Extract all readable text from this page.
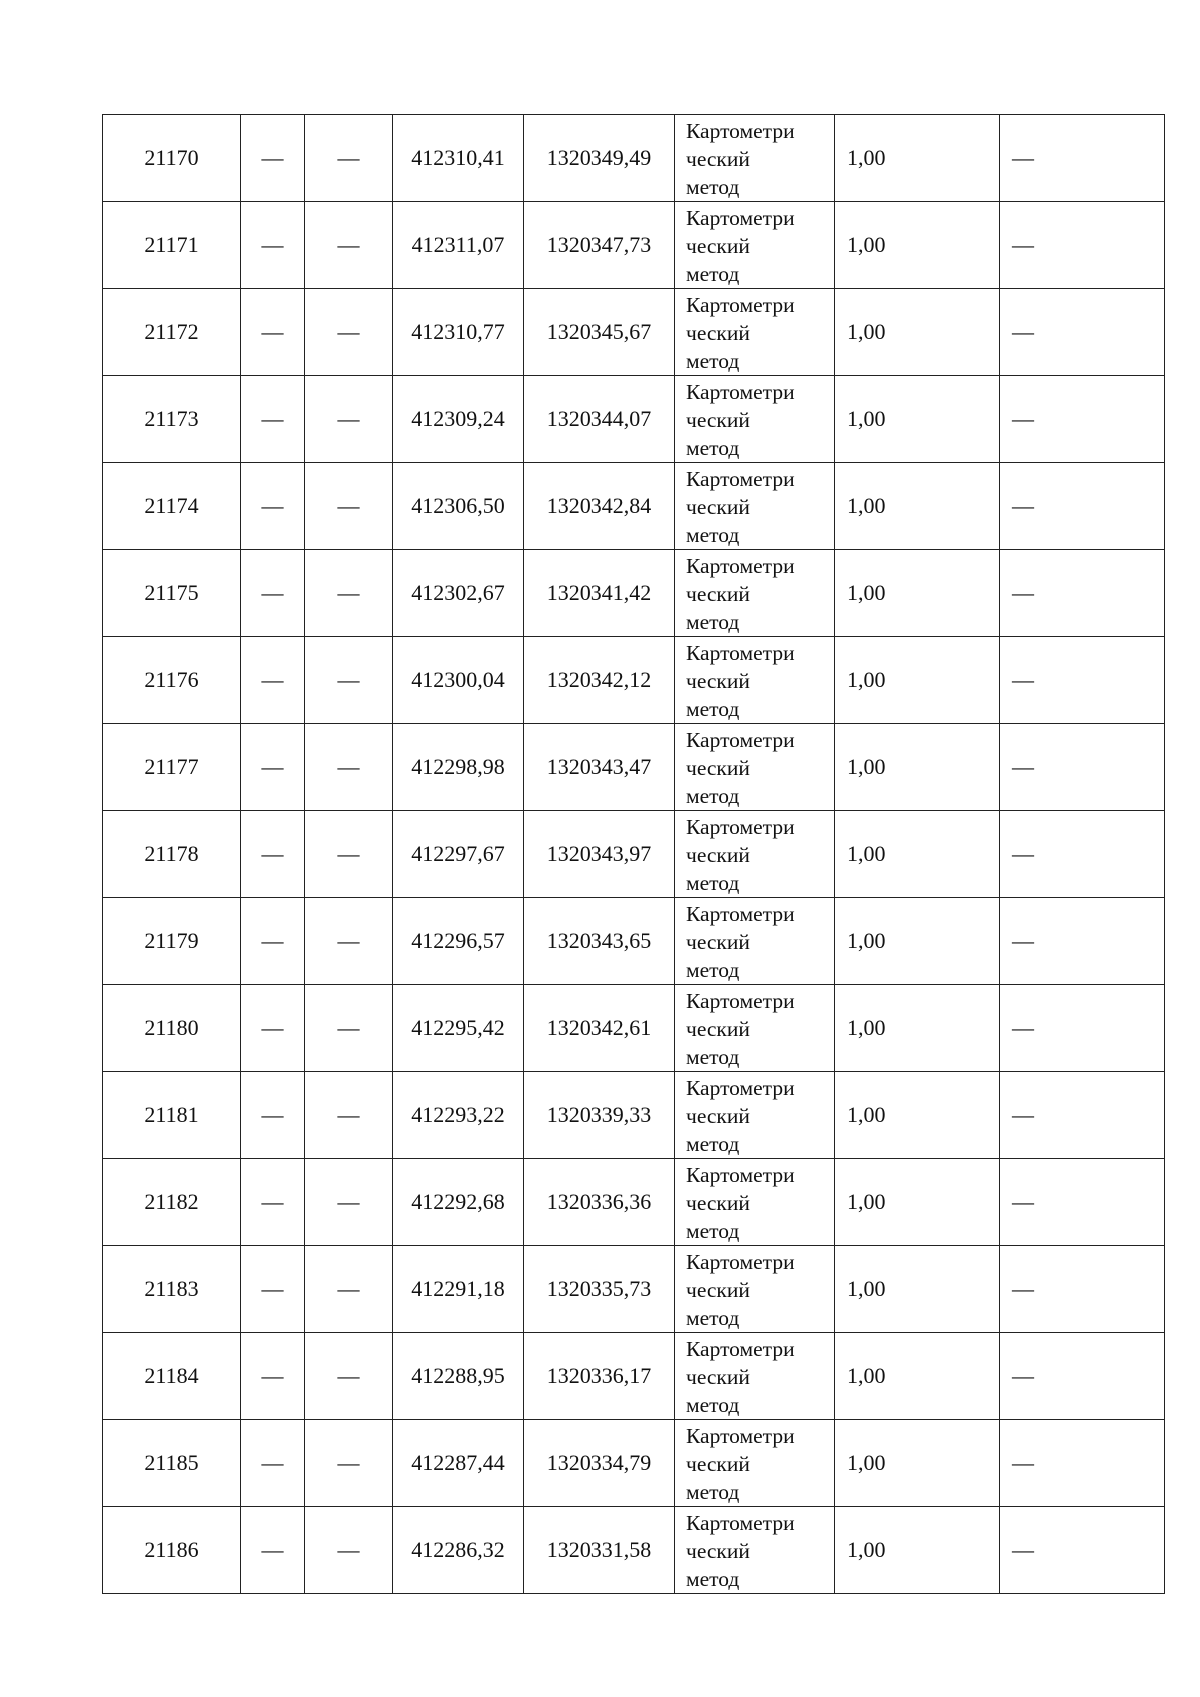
21170	—	—	412310,41	1320349,49	Картометри
ческий
метод	1,00	—
21171	—	—	412311,07	1320347,73	Картометри
ческий
метод	1,00	—
21172	—	—	412310,77	1320345,67	Картометри
ческий
метод	1,00	—
21173	—	—	412309,24	1320344,07	Картометри
ческий
метод	1,00	—
21174	—	—	412306,50	1320342,84	Картометри
ческий
метод	1,00	—
21175	—	—	412302,67	1320341,42	Картометри
ческий
метод	1,00	—
21176	—	—	412300,04	1320342,12	Картометри
ческий
метод	1,00	—
21177	—	—	412298,98	1320343,47	Картометри
ческий
метод	1,00	—
21178	—	—	412297,67	1320343,97	Картометри
ческий
метод	1,00	—
21179	—	—	412296,57	1320343,65	Картометри
ческий
метод	1,00	—
21180	—	—	412295,42	1320342,61	Картометри
ческий
метод	1,00	—
21181	—	—	412293,22	1320339,33	Картометри
ческий
метод	1,00	—
21182	—	—	412292,68	1320336,36	Картометри
ческий
метод	1,00	—
21183	—	—	412291,18	1320335,73	Картометри
ческий
метод	1,00	—
21184	—	—	412288,95	1320336,17	Картометри
ческий
метод	1,00	—
21185	—	—	412287,44	1320334,79	Картометри
ческий
метод	1,00	—
21186	—	—	412286,32	1320331,58	Картометри
ческий
метод	1,00	—
